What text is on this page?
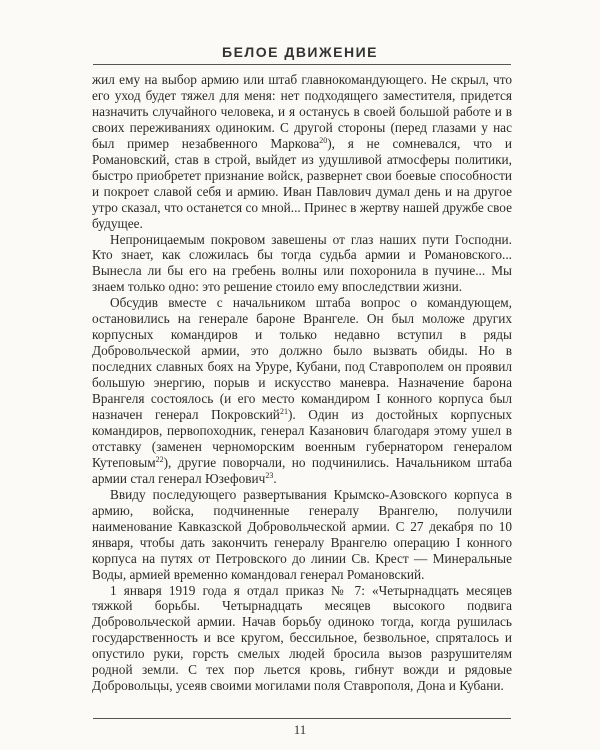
БЕЛОЕ ДВИЖЕНИЕ

жил ему на выбор армию или штаб главнокомандующего. Не скрыл, что его уход будет тяжел для меня: нет подходящего заместителя, придется назначить случайного человека, и я останусь в своей большой работе и в своих переживаниях одиноким. С другой стороны (перед глазами у нас был пример незабвенного Маркова$^{20}$), я не сомневался, что и Романовский, став в строй, выйдет из удушливой атмосферы политики, быстро приобретет признание войск, развернет свои боевые способности и покроет славой себя и армию. Иван Павлович думал день и на другое утро сказал, что останется со мной... Принес в жертву нашей дружбе свое будущее.

Непроницаемым покровом завешены от глаз наших пути Господни. Кто знает, как сложилась бы тогда судьба армии и Романовского... Вынесла ли бы его на гребень волны или похоронила в пучине... Мы знаем только одно: это решение стоило ему впоследствии жизни.

Обсудив вместе с начальником штаба вопрос о командующем, остановились на генерале бароне Врангеле. Он был моложе других корпусных командиров и только недавно вступил в ряды Добровольческой армии, это должно было вызвать обиды. Но в последних славных боях на Уруре, Кубани, под Ставрополем он проявил большую энергию, порыв и искусство маневра. Назначение барона Врангеля состоялось (и его место командиром I конного корпуса был назначен генерал Покровский$^{21}$). Один из достойных корпусных командиров, первопоходник, генерал Казанович благодаря этому ушел в отставку (заменен черноморским военным губернатором генералом Кутеповым$^{22}$), другие поворчали, но подчинились. Начальником штаба армии стал генерал Юзефович$^{23}$.

Ввиду последующего развертывания Крымско-Азовского корпуса в армию, войска, подчиненные генералу Врангелю, получили наименование Кавказской Добровольческой армии. С 27 декабря по 10 января, чтобы дать закончить генералу Врангелю операцию I конного корпуса на путях от Петровского до линии Св. Крест — Минеральные Воды, армией временно командовал генерал Романовский.

1 января 1919 года я отдал приказ № 7: «Четырнадцать месяцев тяжкой борьбы. Четырнадцать месяцев высокого подвига Добровольческой армии. Начав борьбу одиноко тогда, когда рушилась государственность и все кругом, бессильное, безвольное, спряталось и опустило руки, горсть смелых людей бросила вызов разрушителям родной земли. С тех пор льется кровь, гибнут вожди и рядовые Добровольцы, усеяв своими могилами поля Ставрополя, Дона и Кубани.

11
